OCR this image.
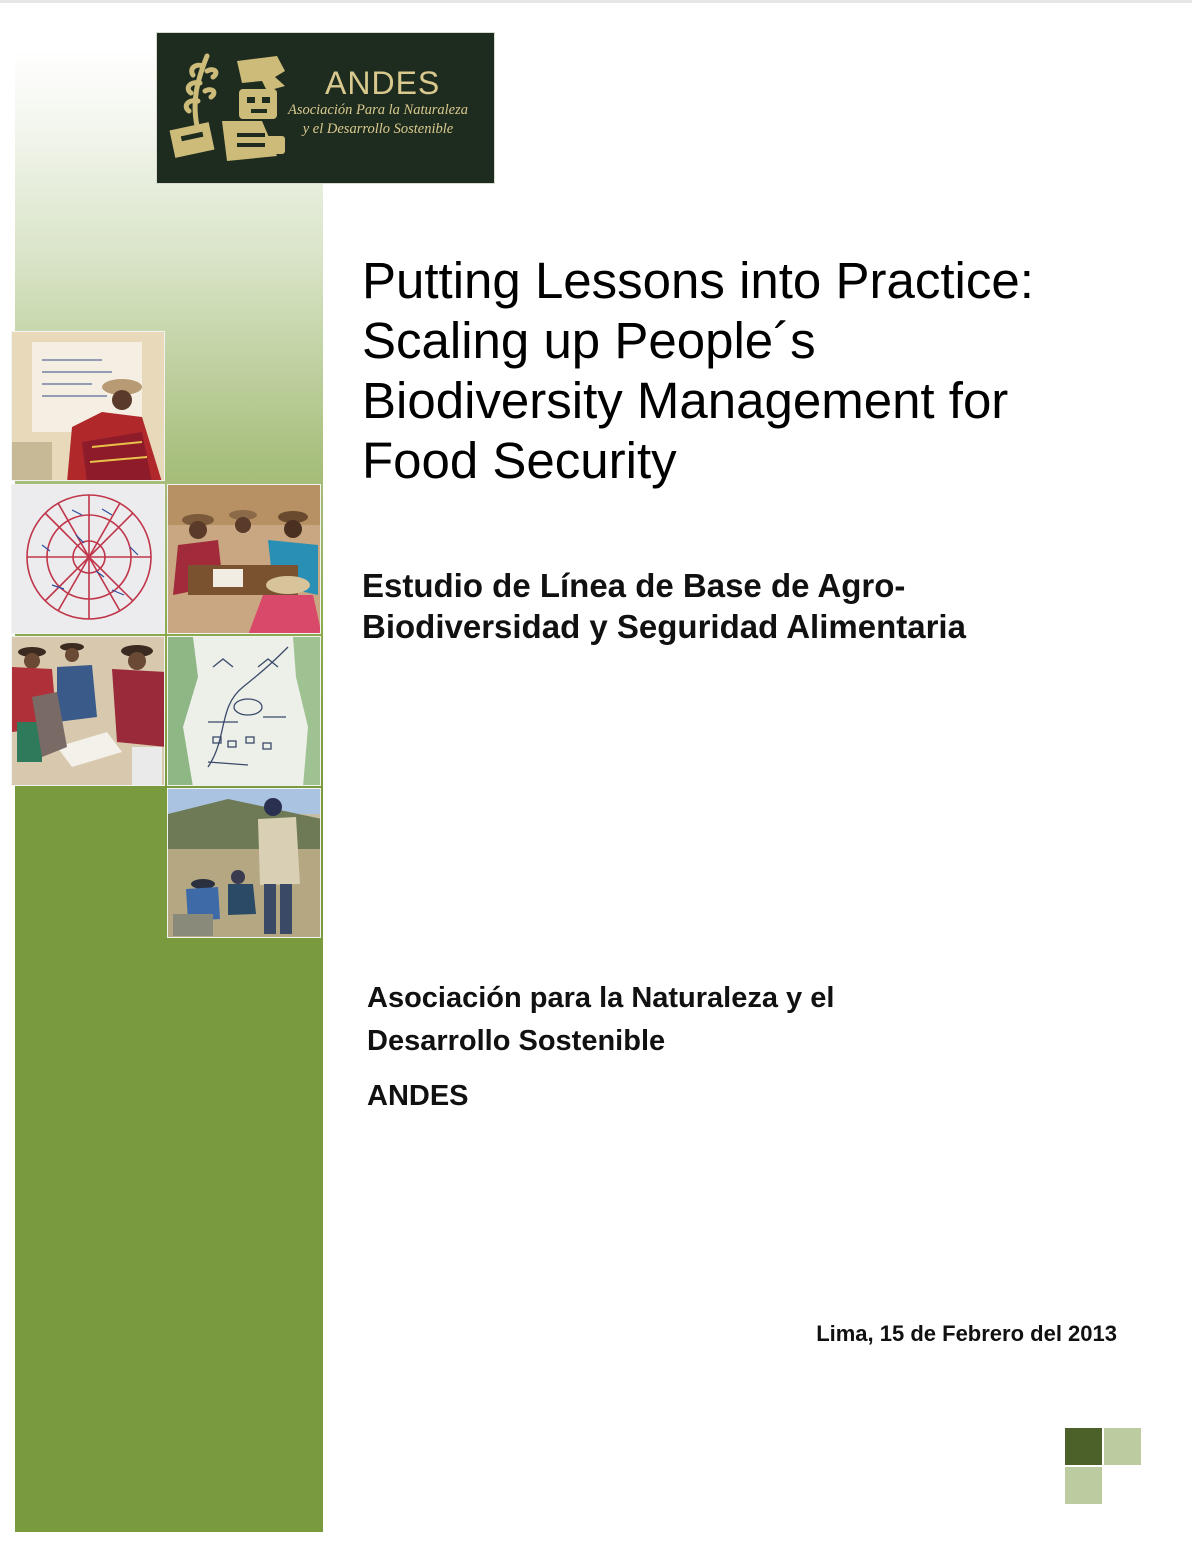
ANDES
Asociación Para la Naturaleza
y el Desarrollo Sostenible
Putting Lessons into Practice:
Scaling up People´s
Biodiversity Management for
Food Security
Estudio de Línea de Base de Agro-
Biodiversidad y Seguridad Alimentaria
Asociación para la Naturaleza y el
Desarrollo Sostenible
ANDES
Lima, 15 de Febrero del 2013
